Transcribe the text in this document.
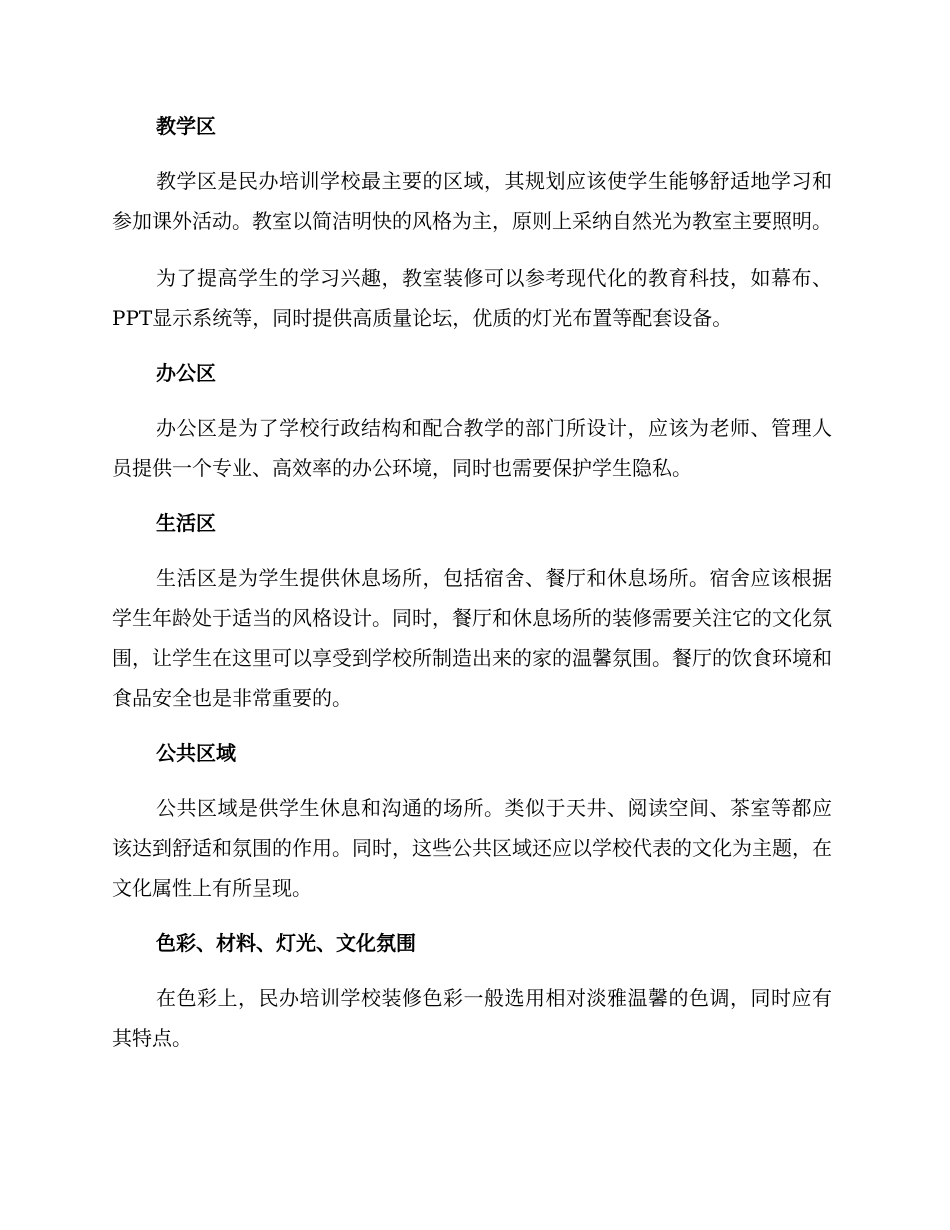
教学区

教学区是民办培训学校最主要的区域，其规划应该使学生能够舒适地学习和参加课外活动。教室以简洁明快的风格为主，原则上采纳自然光为教室主要照明。

为了提高学生的学习兴趣，教室装修可以参考现代化的教育科技，如幕布、PPT显示系统等，同时提供高质量论坛，优质的灯光布置等配套设备。

办公区

办公区是为了学校行政结构和配合教学的部门所设计，应该为老师、管理人员提供一个专业、高效率的办公环境，同时也需要保护学生隐私。

生活区

生活区是为学生提供休息场所，包括宿舍、餐厅和休息场所。宿舍应该根据学生年龄处于适当的风格设计。同时，餐厅和休息场所的装修需要关注它的文化氛围，让学生在这里可以享受到学校所制造出来的家的温馨氛围。餐厅的饮食环境和食品安全也是非常重要的。

公共区域

公共区域是供学生休息和沟通的场所。类似于天井、阅读空间、茶室等都应该达到舒适和氛围的作用。同时，这些公共区域还应以学校代表的文化为主题，在文化属性上有所呈现。

色彩、材料、灯光、文化氛围

在色彩上，民办培训学校装修色彩一般选用相对淡雅温馨的色调，同时应有其特点。
